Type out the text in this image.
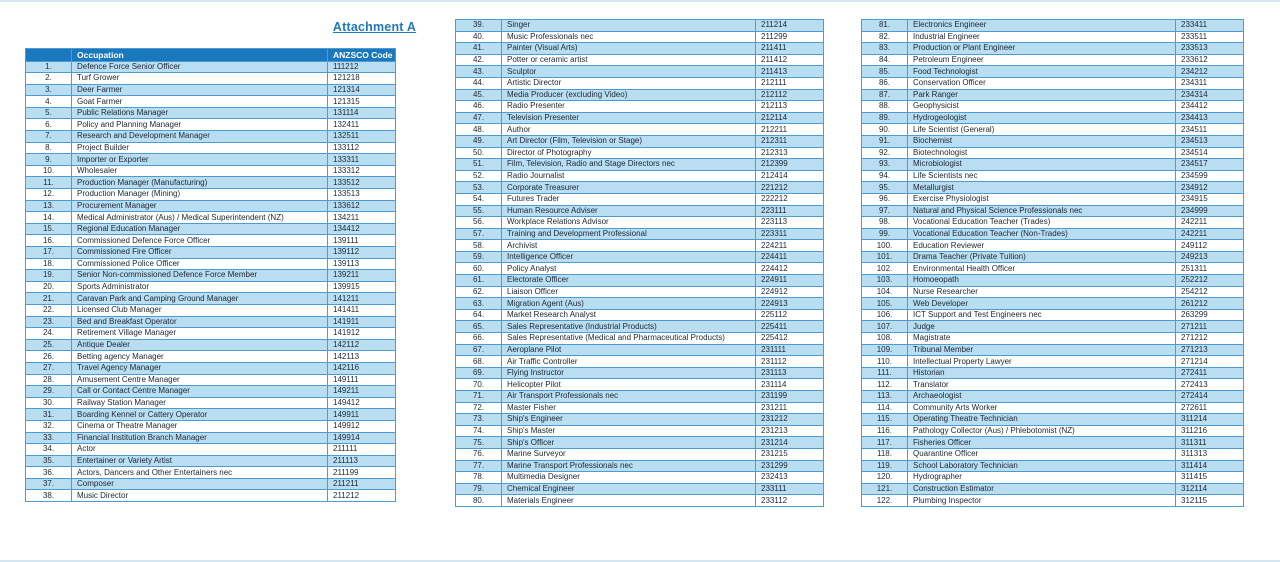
Attachment A
	Occupation	ANZSCO Code
1.	Defence Force Senior Officer	111212
2.	Turf Grower	121218
3.	Deer Farmer	121314
4.	Goat Farmer	121315
5.	Public Relations Manager	131114
6.	Policy and Planning Manager	132411
7.	Research and Development Manager	132511
8.	Project Builder	133112
9.	Importer or Exporter	133311
10.	Wholesaler	133312
11.	Production Manager (Manufacturing)	133512
12.	Production Manager (Mining)	133513
13.	Procurement Manager	133612
14.	Medical Administrator (Aus) / Medical Superintendent (NZ)	134211
15.	Regional Education Manager	134412
16.	Commissioned Defence Force Officer	139111
17.	Commissioned Fire Officer	139112
18.	Commissioned Police Officer	139113
19.	Senior Non-commissioned Defence Force Member	139211
20.	Sports Administrator	139915
21.	Caravan Park and Camping Ground Manager	141211
22.	Licensed Club Manager	141411
23.	Bed and Breakfast Operator	141911
24.	Retirement Village Manager	141912
25.	Antique Dealer	142112
26.	Betting agency Manager	142113
27.	Travel Agency Manager	142116
28.	Amusement Centre Manager	149111
29.	Call or Contact Centre Manager	149211
30.	Railway Station Manager	149412
31.	Boarding Kennel or Cattery Operator	149911
32.	Cinema or Theatre Manager	149912
33.	Financial Institution Branch Manager	149914
34.	Actor	211111
35.	Entertainer or Variety Artist	211113
36.	Actors, Dancers and Other Entertainers nec	211199
37.	Composer	211211
38.	Music Director	211212
39.	Singer	211214
40.	Music Professionals nec	211299
41.	Painter (Visual Arts)	211411
42.	Potter or ceramic artist	211412
43.	Sculptor	211413
44.	Artistic Director	212111
45.	Media Producer (excluding Video)	212112
46.	Radio Presenter	212113
47.	Television Presenter	212114
48.	Author	212211
49.	Art Director (Film, Television or Stage)	212311
50.	Director of Photography	212313
51.	Film, Television, Radio and Stage Directors nec	212399
52.	Radio Journalist	212414
53.	Corporate Treasurer	221212
54.	Futures Trader	222212
55.	Human Resource Adviser	223111
56.	Workplace Relations Advisor	223113
57.	Training and Development Professional	223311
58.	Archivist	224211
59.	Intelligence Officer	224411
60.	Policy Analyst	224412
61.	Electorate Officer	224911
62.	Liaison Officer	224912
63.	Migration Agent (Aus)	224913
64.	Market Research Analyst	225112
65.	Sales Representative (Industrial Products)	225411
66.	Sales Representative (Medical and Pharmaceutical Products)	225412
67.	Aeroplane Pilot	231111
68.	Air Traffic Controller	231112
69.	Flying Instructor	231113
70.	Helicopter Pilot	231114
71.	Air Transport Professionals nec	231199
72.	Master Fisher	231211
73.	Ship's Engineer	231212
74.	Ship's Master	231213
75.	Ship's Officer	231214
76.	Marine Surveyor	231215
77.	Marine Transport Professionals nec	231299
78.	Multimedia Designer	232413
79.	Chemical Engineer	233111
80.	Materials Engineer	233112
81.	Electronics Engineer	233411
82.	Industrial Engineer	233511
83.	Production or Plant Engineer	233513
84.	Petroleum Engineer	233612
85.	Food Technologist	234212
86.	Conservation Officer	234311
87.	Park Ranger	234314
88.	Geophysicist	234412
89.	Hydrogeologist	234413
90.	Life Scientist (General)	234511
91.	Biochemist	234513
92.	Biotechnologist	234514
93.	Microbiologist	234517
94.	Life Scientists nec	234599
95.	Metallurgist	234912
96.	Exercise Physiologist	234915
97.	Natural and Physical Science Professionals nec	234999
98.	Vocational Education Teacher (Trades)	242211
99.	Vocational Education Teacher (Non-Trades)	242211
100.	Education Reviewer	249112
101.	Drama Teacher (Private Tuition)	249213
102.	Environmental Health Officer	251311
103.	Homoeopath	252212
104.	Nurse Researcher	254212
105.	Web Developer	261212
106.	ICT Support and Test Engineers nec	263299
107.	Judge	271211
108.	Magistrate	271212
109.	Tribunal Member	271213
110.	Intellectual Property Lawyer	271214
111.	Historian	272411
112.	Translator	272413
113.	Archaeologist	272414
114.	Community Arts Worker	272611
115.	Operating Theatre Technician	311214
116.	Pathology Collector (Aus) / Phlebotomist (NZ)	311216
117.	Fisheries Officer	311311
118.	Quarantine Officer	311313
119.	School Laboratory Technician	311414
120.	Hydrographer	311415
121.	Construction Estimator	312114
122.	Plumbing Inspector	312115
